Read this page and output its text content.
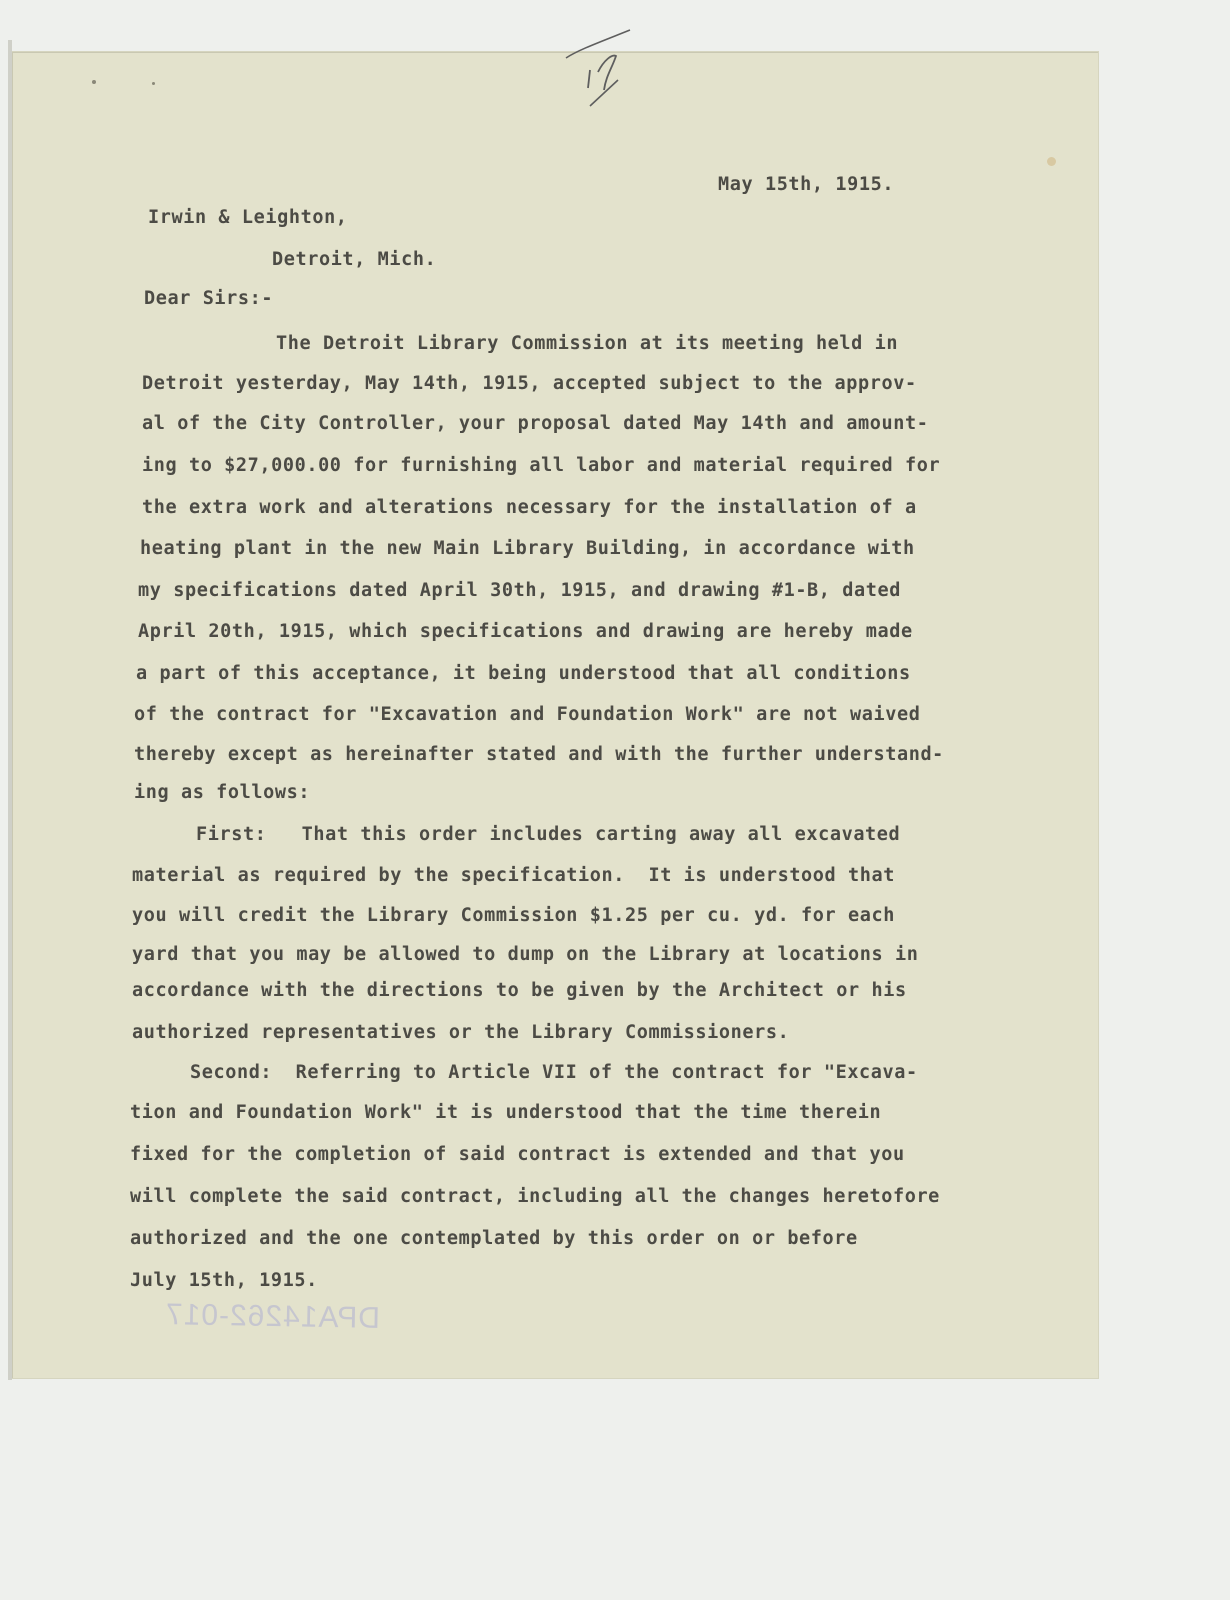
May 15th, 1915.

Irwin & Leighton,

Detroit, Mich.

Dear Sirs:-

The Detroit Library Commission at its meeting held in

Detroit yesterday, May 14th, 1915, accepted subject to the approv-

al of the City Controller, your proposal dated May 14th and amount-

ing to $27,000.00 for furnishing all labor and material required for

the extra work and alterations necessary for the installation of a

heating plant in the new Main Library Building, in accordance with

my specifications dated April 30th, 1915, and drawing #1-B, dated

April 20th, 1915, which specifications and drawing are hereby made

a part of this acceptance, it being understood that all conditions

of the contract for "Excavation and Foundation Work" are not waived

thereby except as hereinafter stated and with the further understand-

ing as follows:

First:   That this order includes carting away all excavated

material as required by the specification.  It is understood that

you will credit the Library Commission $1.25 per cu. yd. for each

yard that you may be allowed to dump on the Library at locations in

accordance with the directions to be given by the Architect or his

authorized representatives or the Library Commissioners.

Second:  Referring to Article VII of the contract for "Excava-

tion and Foundation Work" it is understood that the time therein

fixed for the completion of said contract is extended and that you

will complete the said contract, including all the changes heretofore

authorized and the one contemplated by this order on or before

July 15th, 1915.

DPA14262-017
